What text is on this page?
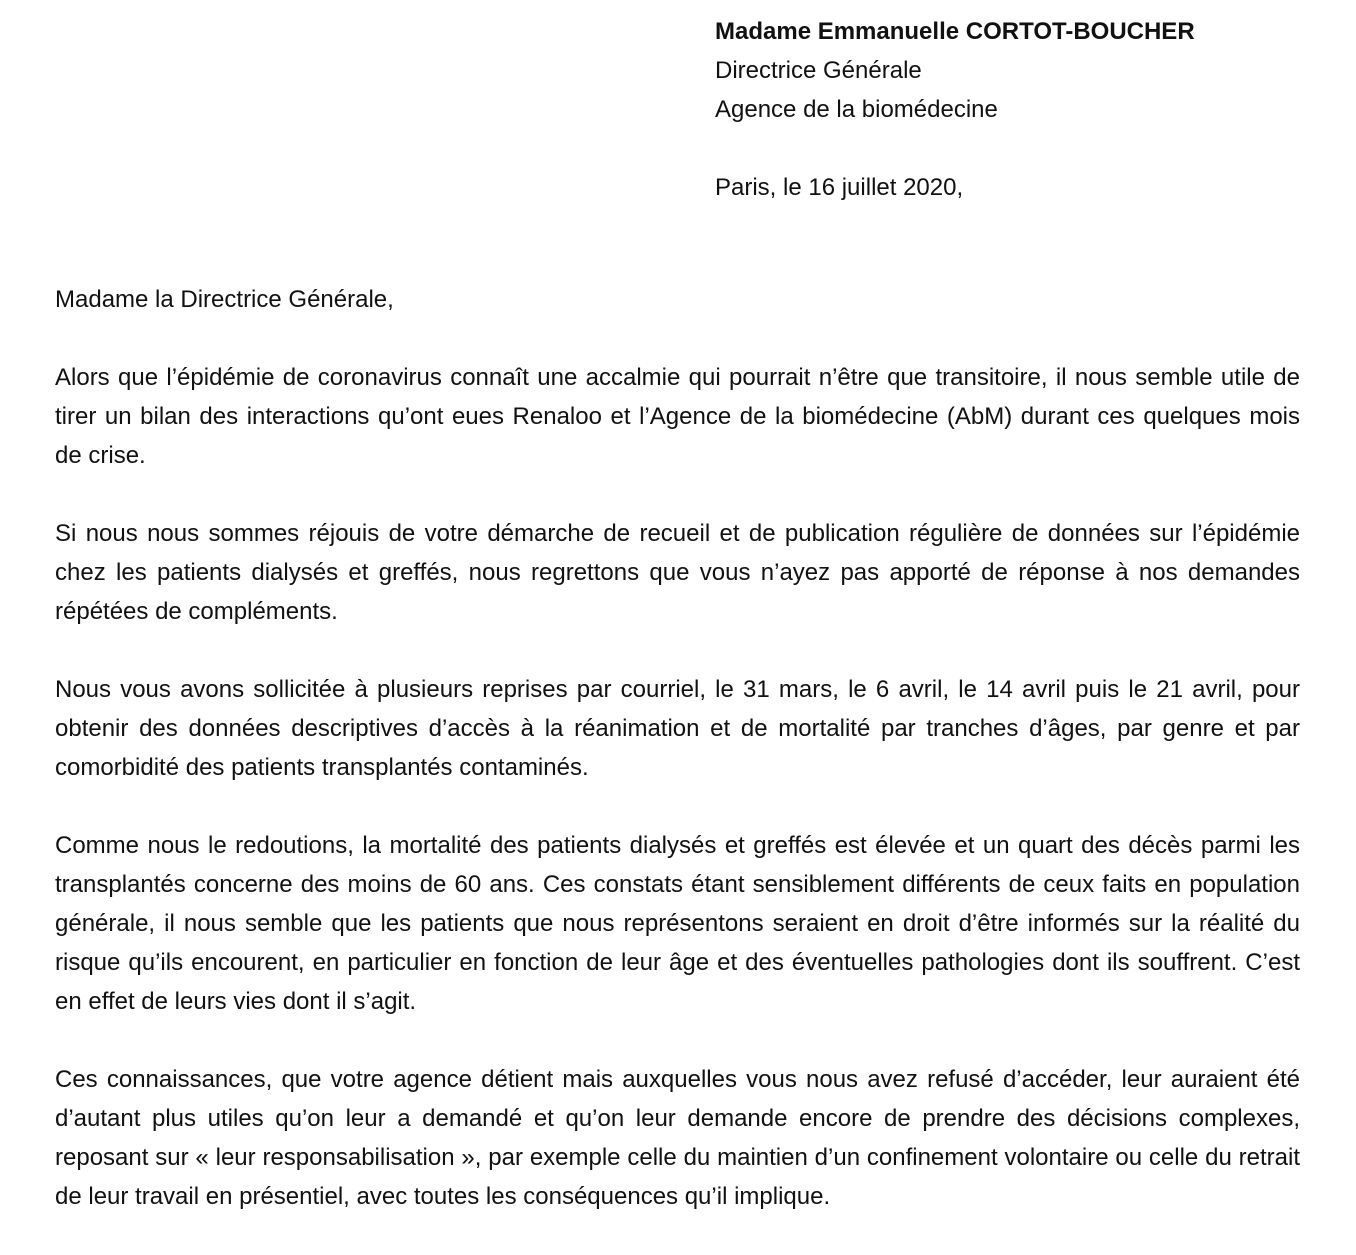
Madame Emmanuelle CORTOT-BOUCHER
Directrice Générale
Agence de la biomédecine
Paris, le 16 juillet 2020,

Madame la Directrice Générale,

Alors que l’épidémie de coronavirus connaît une accalmie qui pourrait n’être que transitoire, il nous semble utile de tirer un bilan des interactions qu’ont eues Renaloo et l’Agence de la biomédecine (AbM) durant ces quelques mois de crise.

Si nous nous sommes réjouis de votre démarche de recueil et de publication régulière de données sur l’épidémie chez les patients dialysés et greffés, nous regrettons que vous n’ayez pas apporté de réponse à nos demandes répétées de compléments.

Nous vous avons sollicitée à plusieurs reprises par courriel, le 31 mars, le 6 avril, le 14 avril puis le 21 avril, pour obtenir des données descriptives d’accès à la réanimation et de mortalité par tranches d’âges, par genre et par comorbidité des patients transplantés contaminés.

Comme nous le redoutions, la mortalité des patients dialysés et greffés est élevée et un quart des décès parmi les transplantés concerne des moins de 60 ans. Ces constats étant sensiblement différents de ceux faits en population générale, il nous semble que les patients que nous représentons seraient en droit d’être informés sur la réalité du risque qu’ils encourent, en particulier en fonction de leur âge et des éventuelles pathologies dont ils souffrent. C’est en effet de leurs vies dont il s’agit.

Ces connaissances, que votre agence détient mais auxquelles vous nous avez refusé d’accéder, leur auraient été d’autant plus utiles qu’on leur a demandé et qu’on leur demande encore de prendre des décisions complexes, reposant sur « leur responsabilisation », par exemple celle du maintien d’un confinement volontaire ou celle du retrait de leur travail en présentiel, avec toutes les conséquences qu’il implique.
